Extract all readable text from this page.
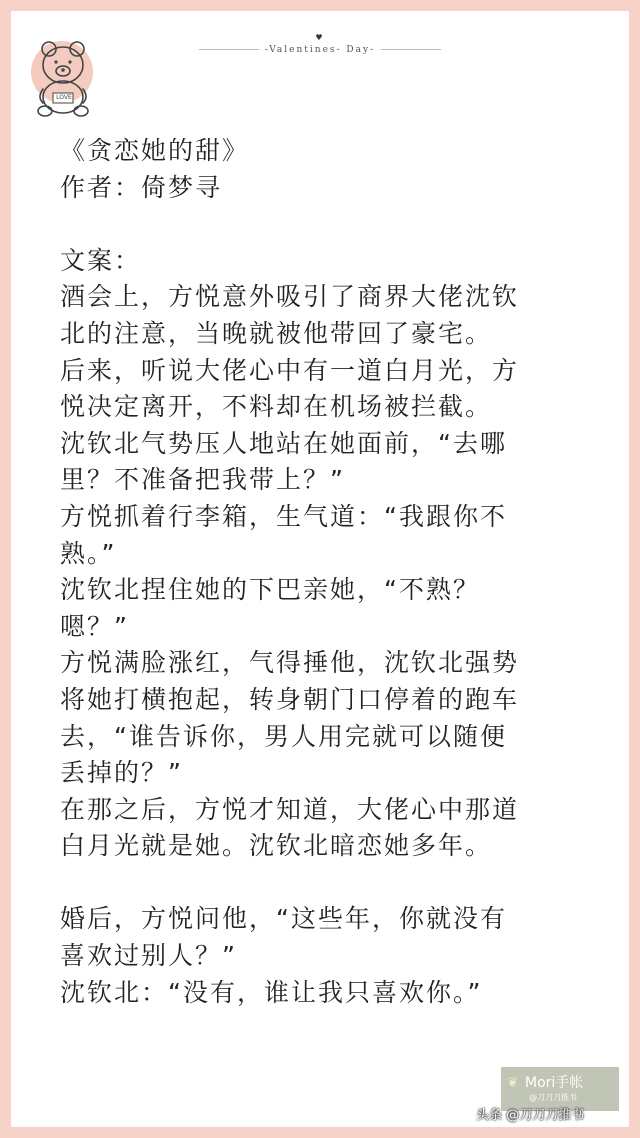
LOVE
♥
-Valentines- Day-

《贪恋她的甜》

作者：倚梦寻

文案：

酒会上，方悦意外吸引了商界大佬沈钦

北的注意，当晚就被他带回了豪宅。

后来，听说大佬心中有一道白月光，方

悦决定离开，不料却在机场被拦截。

沈钦北气势压人地站在她面前，“去哪

里？不准备把我带上？”

方悦抓着行李箱，生气道：“我跟你不

熟。”

沈钦北捏住她的下巴亲她，“不熟？

嗯？”

方悦满脸涨红，气得捶他，沈钦北强势

将她打横抱起，转身朝门口停着的跑车

去，“谁告诉你，男人用完就可以随便

丢掉的？”

在那之后，方悦才知道，大佬心中那道

白月光就是她。沈钦北暗恋她多年。

婚后，方悦问他，“这些年，你就没有

喜欢过别人？”

沈钦北：“没有，谁让我只喜欢你。”

❦ Mori手帐
@刀刀刀推书
头条 @刀刀刀推书
